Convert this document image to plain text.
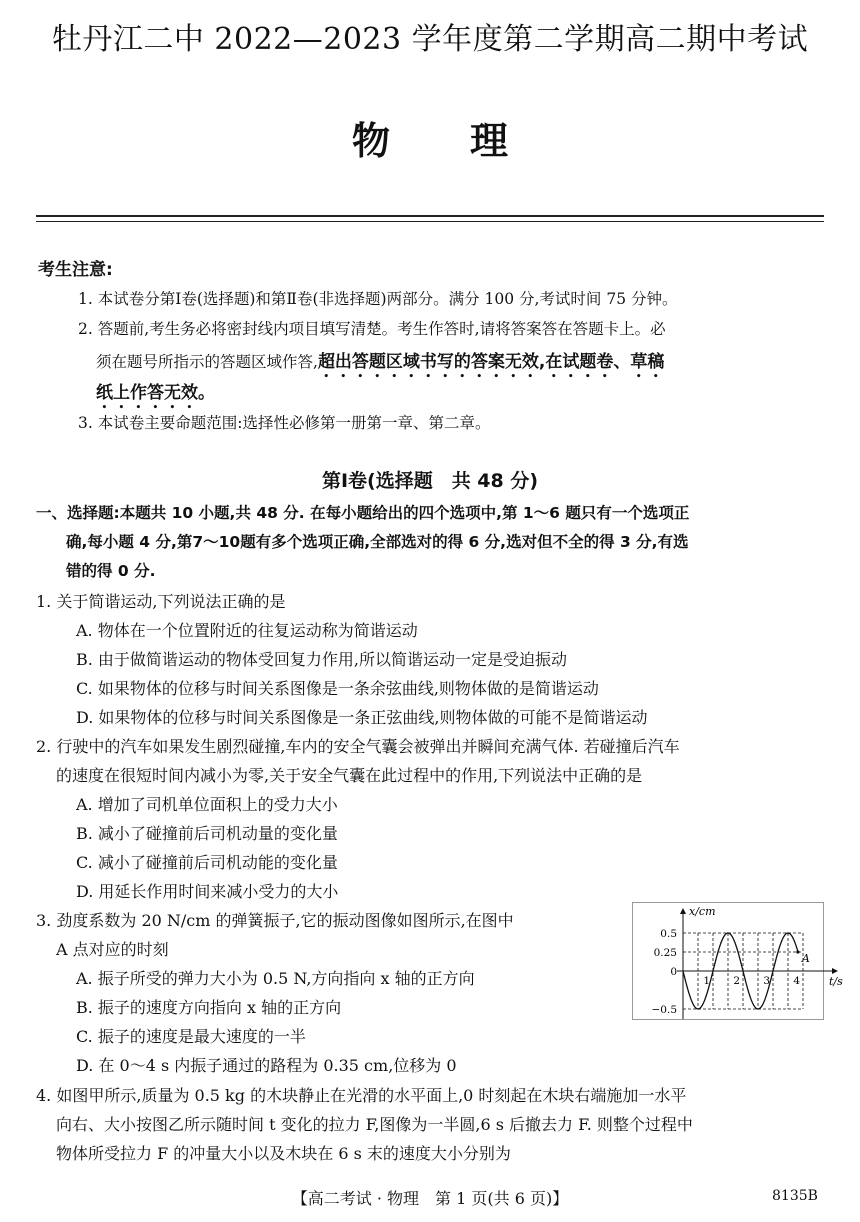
牡丹江二中 2022—2023 学年度第二学期高二期中考试
物理
考生注意:
1. 本试卷分第Ⅰ卷(选择题)和第Ⅱ卷(非选择题)两部分。满分 100 分,考试时间 75 分钟。
2. 答题前,考生务必将密封线内项目填写清楚。考生作答时,请将答案答在答题卡上。必
须在题号所指示的答题区域作答,超出答题区域书写的答案无效,在试题卷、草稿
纸上作答无效。
3. 本试卷主要命题范围:选择性必修第一册第一章、第二章。
第Ⅰ卷(选择题　共 48 分)
一、选择题:本题共 10 小题,共 48 分. 在每小题给出的四个选项中,第 1～6 题只有一个选项正
确,每小题 4 分,第7～10题有多个选项正确,全部选对的得 6 分,选对但不全的得 3 分,有选
错的得 0 分.
1. 关于简谐运动,下列说法正确的是
A. 物体在一个位置附近的往复运动称为简谐运动
B. 由于做简谐运动的物体受回复力作用,所以简谐运动一定是受迫振动
C. 如果物体的位移与时间关系图像是一条余弦曲线,则物体做的是简谐运动
D. 如果物体的位移与时间关系图像是一条正弦曲线,则物体做的可能不是简谐运动
2. 行驶中的汽车如果发生剧烈碰撞,车内的安全气囊会被弹出并瞬间充满气体. 若碰撞后汽车
的速度在很短时间内减小为零,关于安全气囊在此过程中的作用,下列说法中正确的是
A. 增加了司机单位面积上的受力大小
B. 减小了碰撞前后司机动量的变化量
C. 减小了碰撞前后司机动能的变化量
D. 用延长作用时间来减小受力的大小
3. 劲度系数为 20 N/cm 的弹簧振子,它的振动图像如图所示,在图中
A 点对应的时刻
A. 振子所受的弹力大小为 0.5 N,方向指向 x 轴的正方向
B. 振子的速度方向指向 x 轴的正方向
C. 振子的速度是最大速度的一半
D. 在 0～4 s 内振子通过的路程为 0.35 cm,位移为 0
x/cm
t/s
0.5
0.25
0
−0.5
1 2 3 4
A
4. 如图甲所示,质量为 0.5 kg 的木块静止在光滑的水平面上,0 时刻起在木块右端施加一水平
向右、大小按图乙所示随时间 t 变化的拉力 F,图像为一半圆,6 s 后撤去力 F. 则整个过程中
物体所受拉力 F 的冲量大小以及木块在 6 s 末的速度大小分别为
【高二考试 · 物理　第 1 页(共 6 页)】	8135B
